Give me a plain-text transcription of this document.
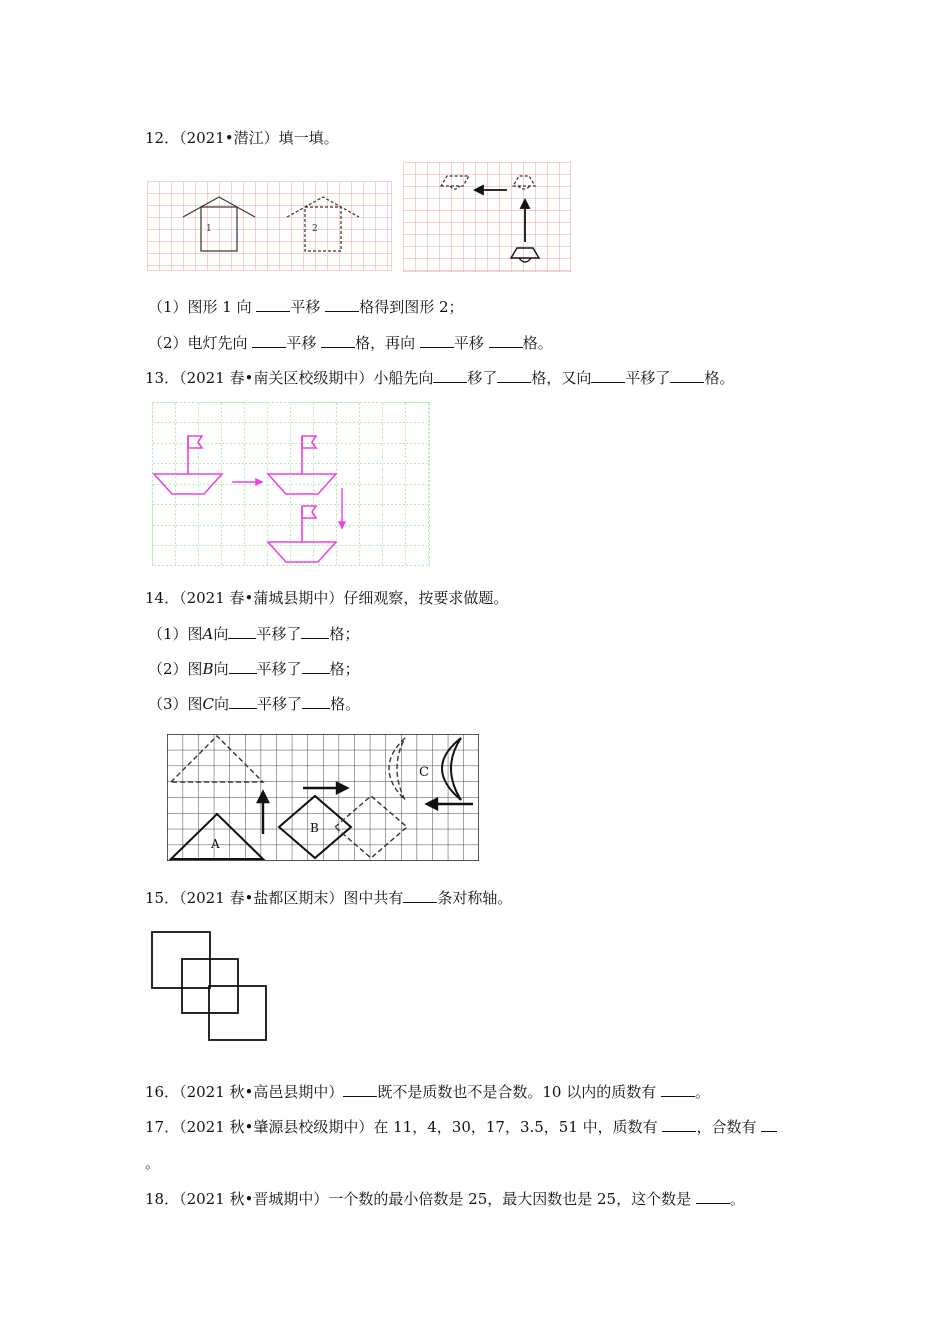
12．（2021•潜江）填一填。
1	2
（1）图形 1 向	平移	格得到图形 2；
（2）电灯先向	平移	格，再向	平移	格。
13．（2021 春•南关区校级期中）小船先向 移了 格，又向 平移了 格。
14．（2021 春•蒲城县期中）仔细观察，按要求做题。
（1）图A向 平移了 格；
（2）图B向 平移了 格；
（3）图C向 平移了 格。
A
B
C
15．（2021 春•盐都区期末）图中共有 条对称轴。
16．（2021 秋•高邑县期中） 既不是质数也不是合数。10 以内的质数有	。
17．（2021 秋•肇源县校级期中）在 11，4，30，17，3.5，51 中，质数有	，合数有
。
18．（2021 秋•晋城期中）一个数的最小倍数是 25，最大因数也是 25，这个数是	。
